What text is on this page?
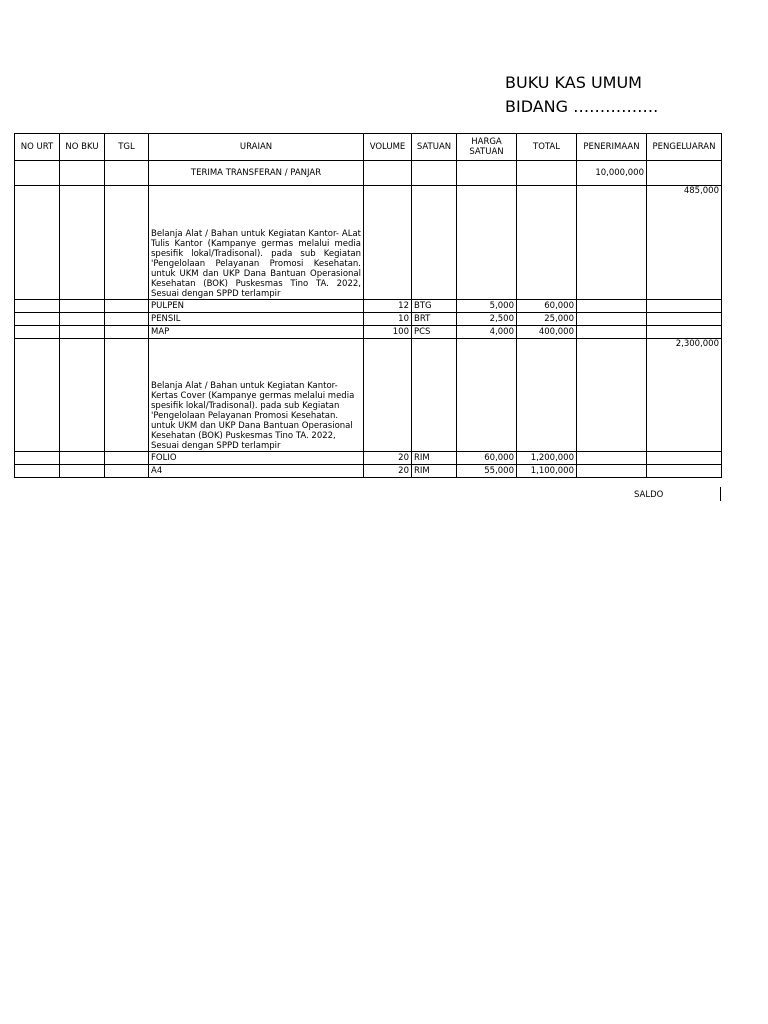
BUKU KAS UMUM
BIDANG …………….
NO URT	NO BKU	TGL	URAIAN	VOLUME	SATUAN	HARGA SATUAN	TOTAL	PENERIMAAN	PENGELUARAN
			TERIMA TRANSFERAN / PANJAR					10,000,000	
			Belanja Alat / Bahan untuk Kegiatan Kantor- ALat Tulis Kantor (Kampanye germas melalui media spesifik lokal/Tradisonal). pada sub Kegiatan 'Pengelolaan Pelayanan Promosi Kesehatan. untuk UKM dan UKP Dana Bantuan Operasional Kesehatan (BOK) Puskesmas Tino TA. 2022, Sesuai dengan SPPD terlampir						485,000
			PULPEN	12	BTG	5,000	60,000		
			PENSIL	10	BRT	2,500	25,000		
			MAP	100	PCS	4,000	400,000		
			Belanja Alat / Bahan untuk Kegiatan Kantor- Kertas Cover (Kampanye germas melalui media spesifik lokal/Tradisonal). pada sub Kegiatan 'Pengelolaan Pelayanan Promosi Kesehatan. untuk UKM dan UKP Dana Bantuan Operasional Kesehatan (BOK) Puskesmas Tino TA. 2022, Sesuai dengan SPPD terlampir						2,300,000
			FOLIO	20	RIM	60,000	1,200,000		
			A4	20	RIM	55,000	1,100,000		
SALDO
